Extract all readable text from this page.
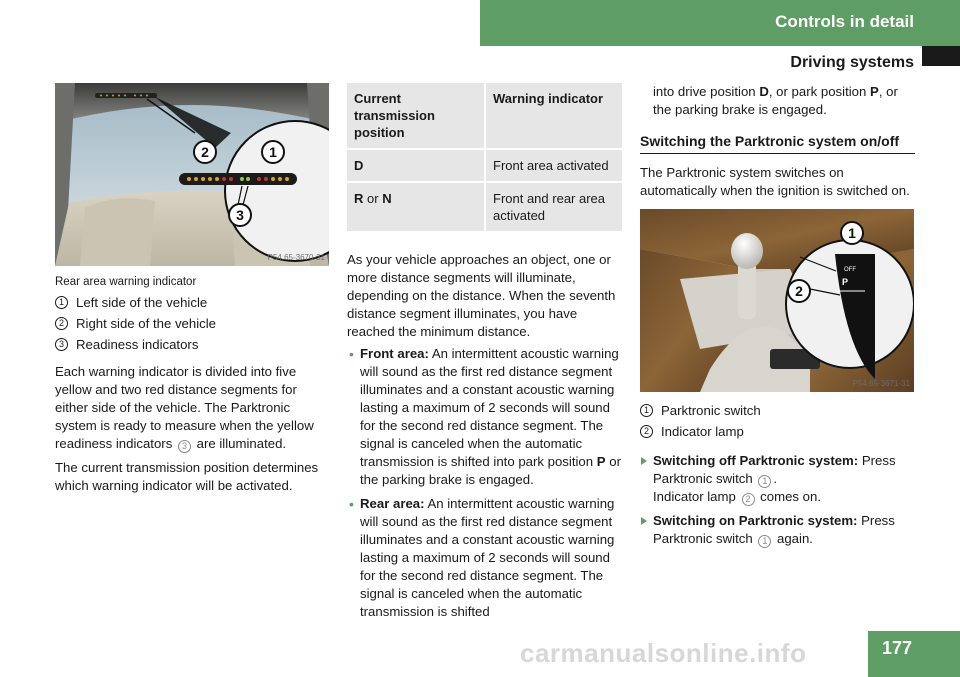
Controls in detail
Driving systems
2	1
3
P54.65-3670-31
Rear area warning indicator
1 Left side of the vehicle
2 Right side of the vehicle
3 Readiness indicators

Each warning indicator is divided into five yellow and two red distance segments for either side of the vehicle. The Parktronic system is ready to measure when the yellow readiness indicators 3 are illuminated.

The current transmission position determines which warning indicator will be activated.

Current transmission position	Warning indicator
D	Front area activated
R or N	Front and rear area activated

As your vehicle approaches an object, one or more distance segments will illuminate, depending on the distance. When the seventh distance segment illuminates, you have reached the minimum distance.

• Front area: An intermittent acoustic warning will sound as the first red distance segment illuminates and a constant acoustic warning lasting a maximum of 2 seconds will sound for the second red distance segment. The signal is canceled when the automatic transmission is shifted into park position P or the parking brake is engaged.
• Rear area: An intermittent acoustic warning will sound as the first red distance segment illuminates and a constant acoustic warning lasting a maximum of 2 seconds will sound for the second red distance segment. The signal is canceled when the automatic transmission is shifted

into drive position D, or park position P, or the parking brake is engaged.

Switching the Parktronic system on/off

The Parktronic system switches on automatically when the ignition is switched on.

OFF
P
1
2
P54.65-3671-31
1 Parktronic switch
2 Indicator lamp
Switching off Parktronic system: Press Parktronic switch 1 .
Indicator lamp 2 comes on.
Switching on Parktronic system: Press Parktronic switch 1 again.
carmanualsonline.info	177
